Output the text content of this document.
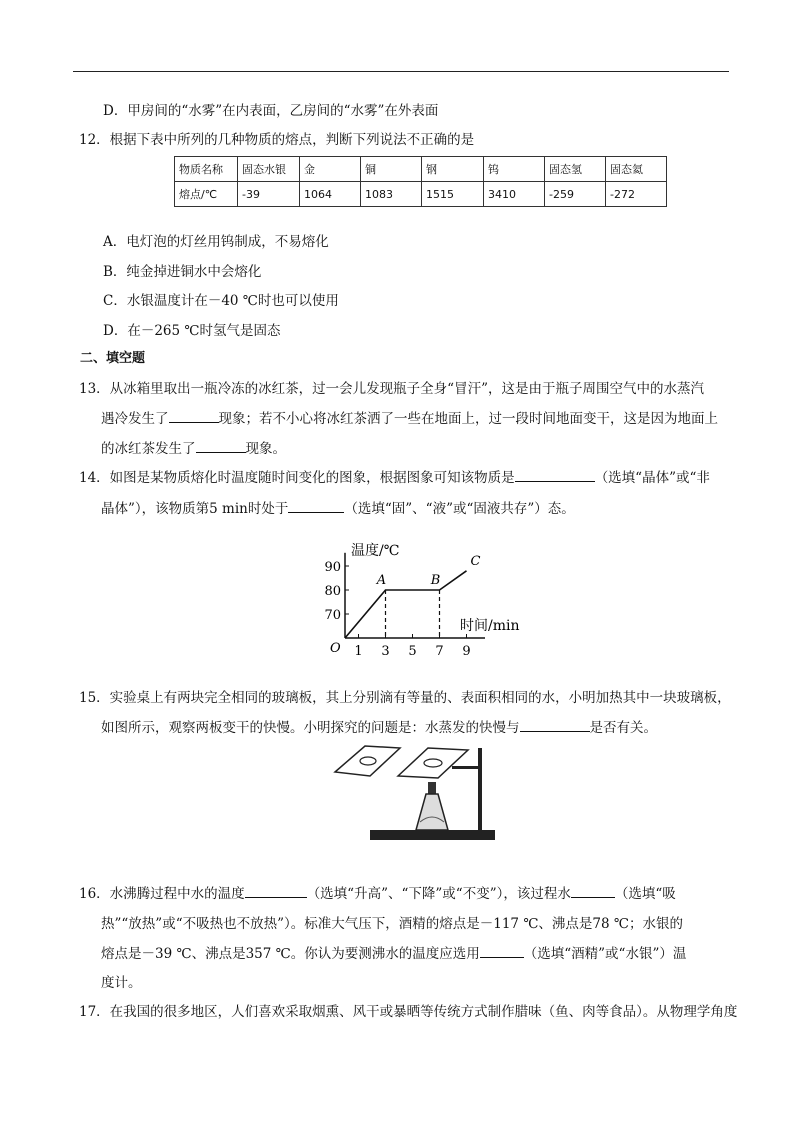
D．甲房间的“水雾”在内表面，乙房间的“水雾”在外表面
12．根据下表中所列的几种物质的熔点，判断下列说法不正确的是
物质名称	固态水银	金	铜	钢	钨	固态氢	固态氦
熔点/℃	-39	1064	1083	1515	3410	-259	-272
A．电灯泡的灯丝用钨制成，不易熔化
B．纯金掉进铜水中会熔化
C．水银温度计在－40 ℃时也可以使用
D．在－265 ℃时氢气是固态
二、填空题
13．从冰箱里取出一瓶冷冻的冰红茶，过一会儿发现瓶子全身“冒汗”，这是由于瓶子周围空气中的水蒸汽
遇冷发生了	现象；若不小心将冰红茶洒了一些在地面上，过一段时间地面变干，这是因为地面上
的冰红茶发生了	现象。
14．如图是某物质熔化时温度随时间变化的图象，根据图象可知该物质是	（选填“晶体”或“非
晶体”），该物质第5 min时处于	（选填“固”、“液”或“固液共存”）态。
70
80
90
1 3 5 7 9
O
温度/℃
时间/min
A	B
C
15．实验桌上有两块完全相同的玻璃板，其上分别滴有等量的、表面积相同的水，小明加热其中一块玻璃板，
如图所示，观察两板变干的快慢。小明探究的问题是：水蒸发的快慢与	是否有关。
16．水沸腾过程中水的温度	（选填“升高”、“下降”或“不变”），该过程水	（选填“吸
热”“放热”或“不吸热也不放热”）。标准大气压下，酒精的熔点是－117 ℃、沸点是78 ℃；水银的
熔点是－39 ℃、沸点是357 ℃。你认为要测沸水的温度应选用	（选填“酒精”或“水银”）温
度计。
17．在我国的很多地区，人们喜欢采取烟熏、风干或暴晒等传统方式制作腊味（鱼、肉等食品）。从物理学角度
